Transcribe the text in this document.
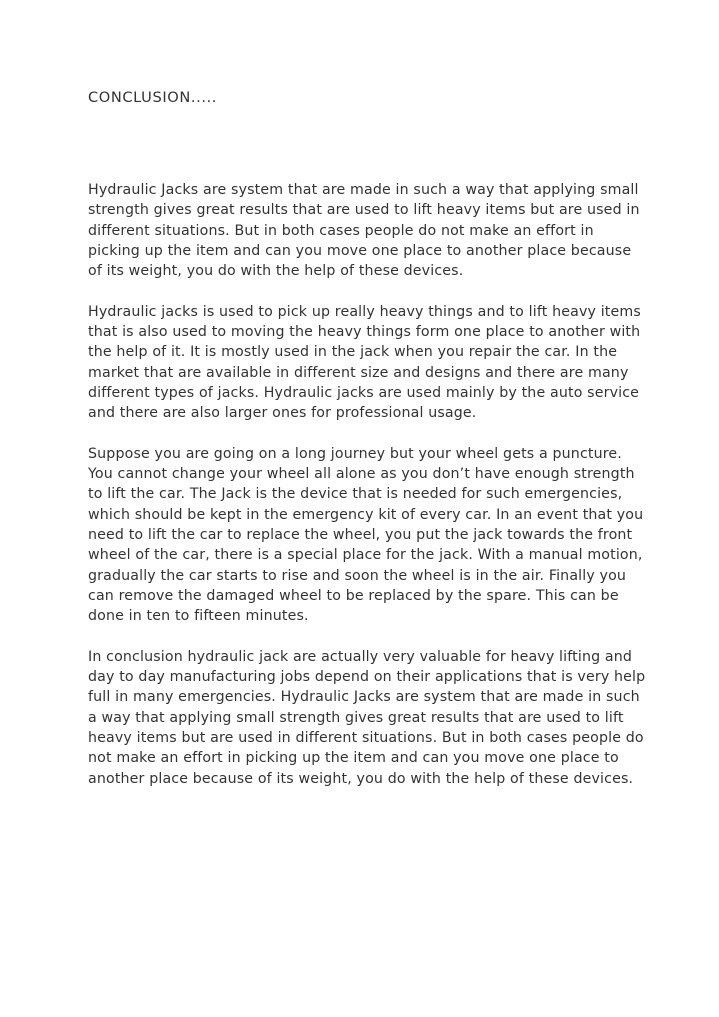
CONCLUSION.....

Hydraulic Jacks are system that are made in such a way that applying small strength gives great results that are used to lift heavy items but are used in different situations. But in both cases people do not make an effort in picking up the item and can you move one place to another place because of its weight, you do with the help of these devices.

Hydraulic jacks is used to pick up really heavy things and to lift heavy items that is also used to moving the heavy things form one place to another with the help of it. It is mostly used in the jack when you repair the car. In the market that are available in different size and designs and there are many different types of jacks. Hydraulic jacks are used mainly by the auto service and there are also larger ones for professional usage.

Suppose you are going on a long journey but your wheel gets a puncture. You cannot change your wheel all alone as you don’t have enough strength to lift the car. The Jack is the device that is needed for such emergencies, which should be kept in the emergency kit of every car. In an event that you need to lift the car to replace the wheel, you put the jack towards the front wheel of the car, there is a special place for the jack. With a manual motion, gradually the car starts to rise and soon the wheel is in the air. Finally you can remove the damaged wheel to be replaced by the spare. This can be done in ten to fifteen minutes.

In conclusion hydraulic jack are actually very valuable for heavy lifting and day to day manufacturing jobs depend on their applications that is very help full in many emergencies. Hydraulic Jacks are system that are made in such a way that applying small strength gives great results that are used to lift heavy items but are used in different situations. But in both cases people do not make an effort in picking up the item and can you move one place to another place because of its weight, you do with the help of these devices.
